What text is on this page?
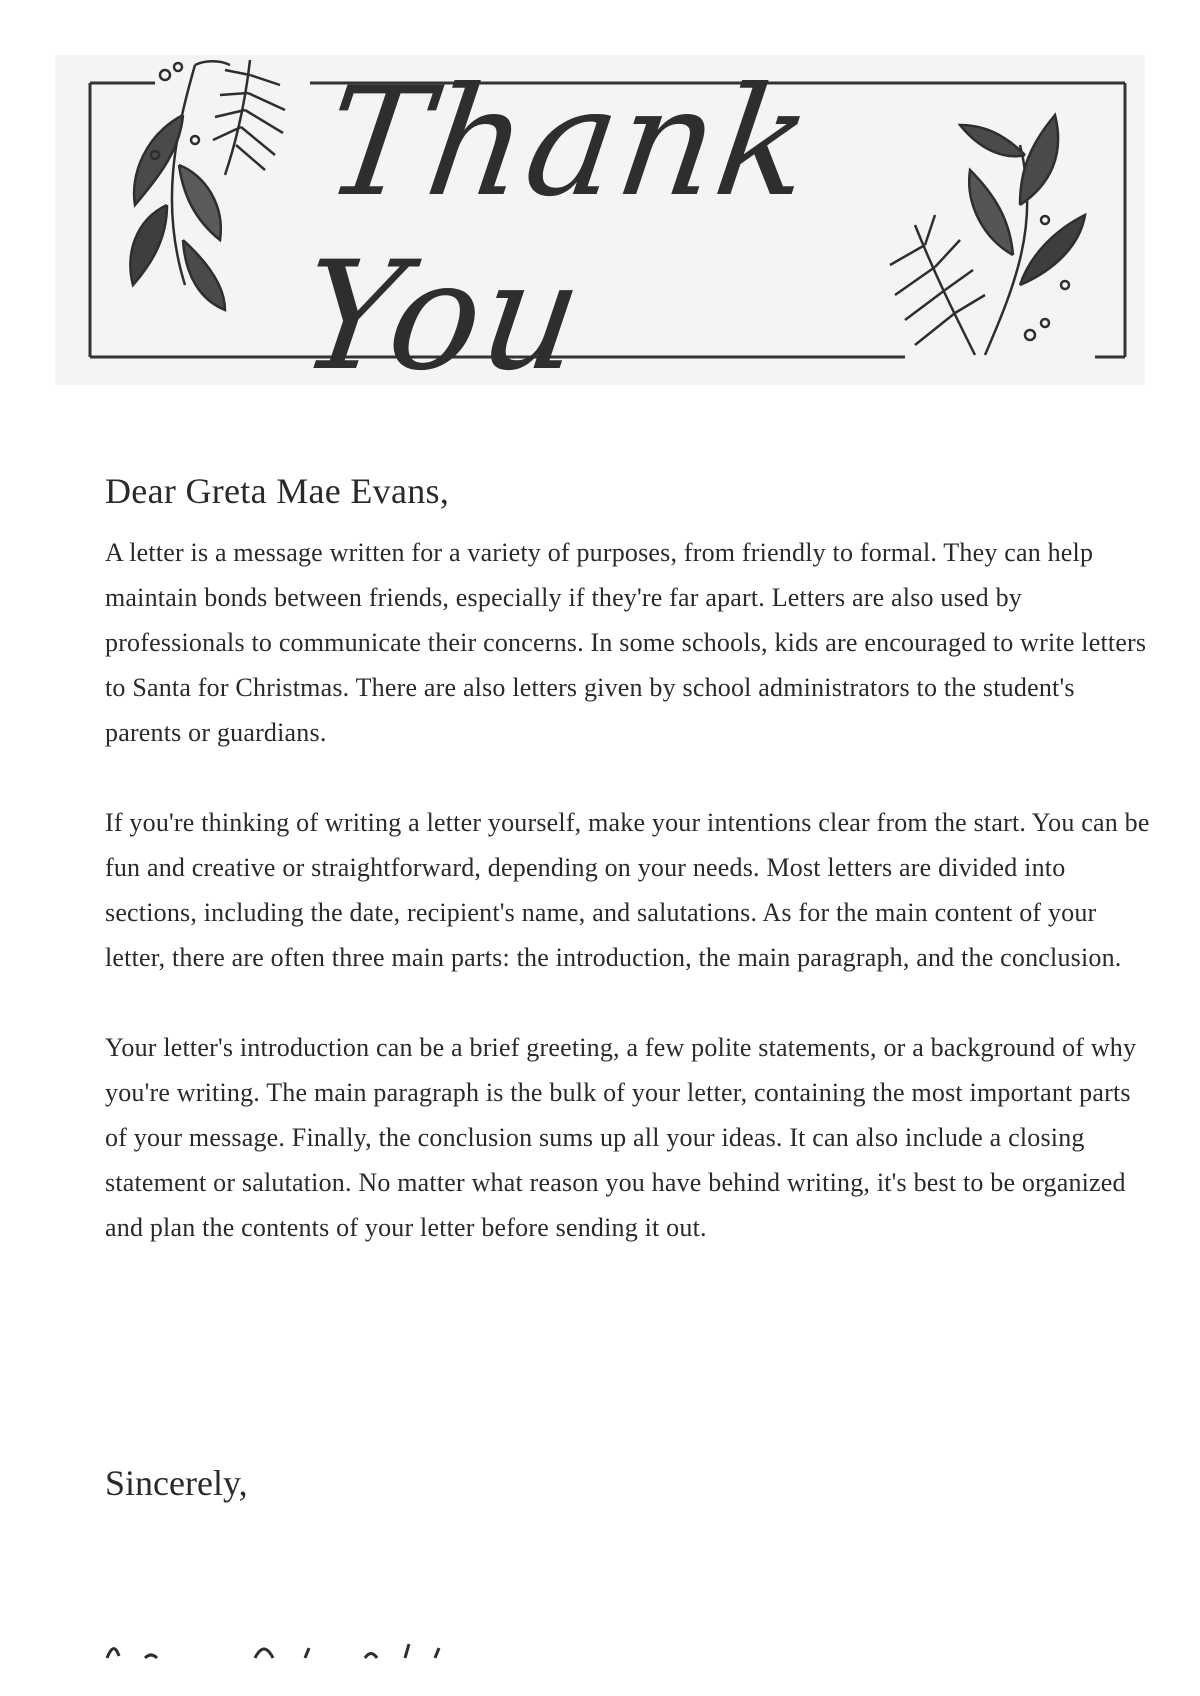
Thank You

Dear Greta Mae Evans,

A letter is a message written for a variety of purposes, from friendly to formal. They can help maintain bonds between friends, especially if they're far apart. Letters are also used by professionals to communicate their concerns. In some schools, kids are encouraged to write letters to Santa for Christmas. There are also letters given by school administrators to the student's parents or guardians.

If you're thinking of writing a letter yourself, make your intentions clear from the start. You can be fun and creative or straightforward, depending on your needs. Most letters are divided into sections, including the date, recipient's name, and salutations. As for the main content of your letter, there are often three main parts: the introduction, the main paragraph, and the conclusion.

Your letter's introduction can be a brief greeting, a few polite statements, or a background of why you're writing. The main paragraph is the bulk of your letter, containing the most important parts of your message. Finally, the conclusion sums up all your ideas. It can also include a closing statement or salutation. No matter what reason you have behind writing, it's best to be organized and plan the contents of your letter before sending it out.

Sincerely,
